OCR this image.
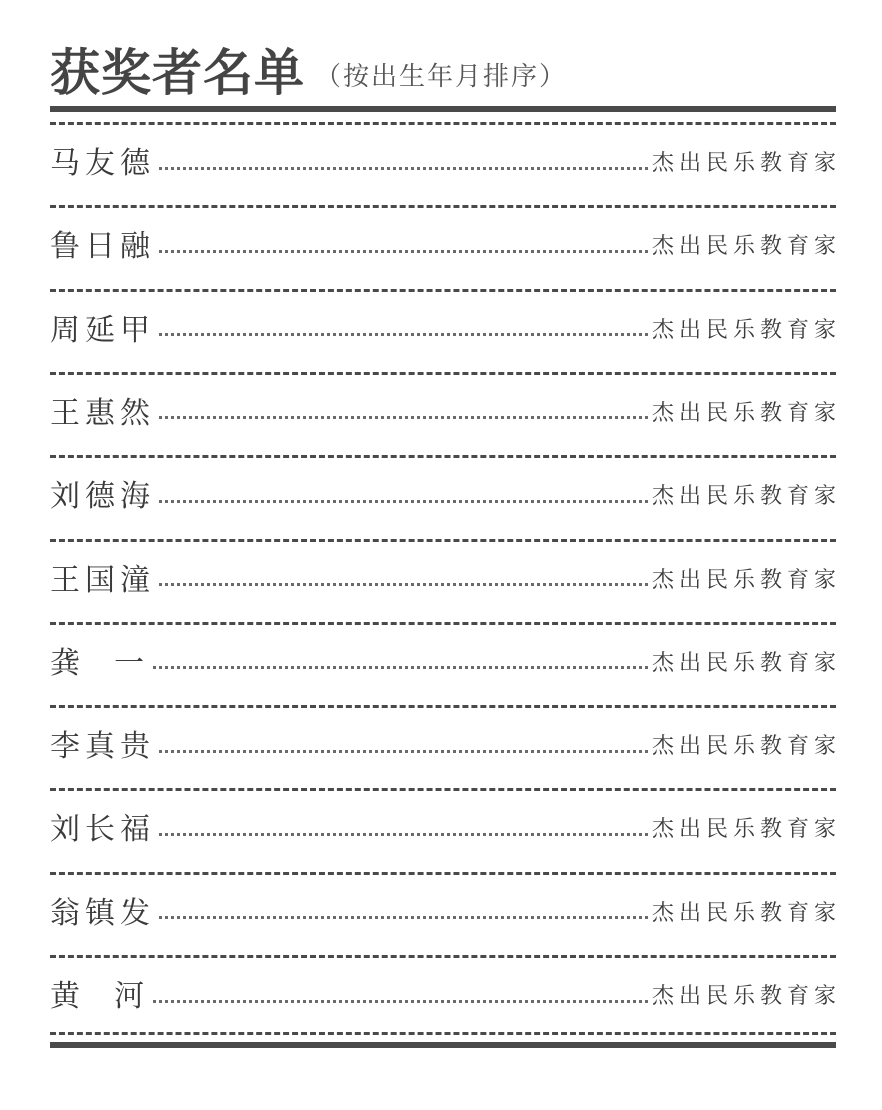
获奖者名单 （按出生年月排序）
马友德	杰出民乐教育家
鲁日融	杰出民乐教育家
周延甲	杰出民乐教育家
王惠然	杰出民乐教育家
刘德海	杰出民乐教育家
王国潼	杰出民乐教育家
龚  一	杰出民乐教育家
李真贵	杰出民乐教育家
刘长福	杰出民乐教育家
翁镇发	杰出民乐教育家
黄  河	杰出民乐教育家
